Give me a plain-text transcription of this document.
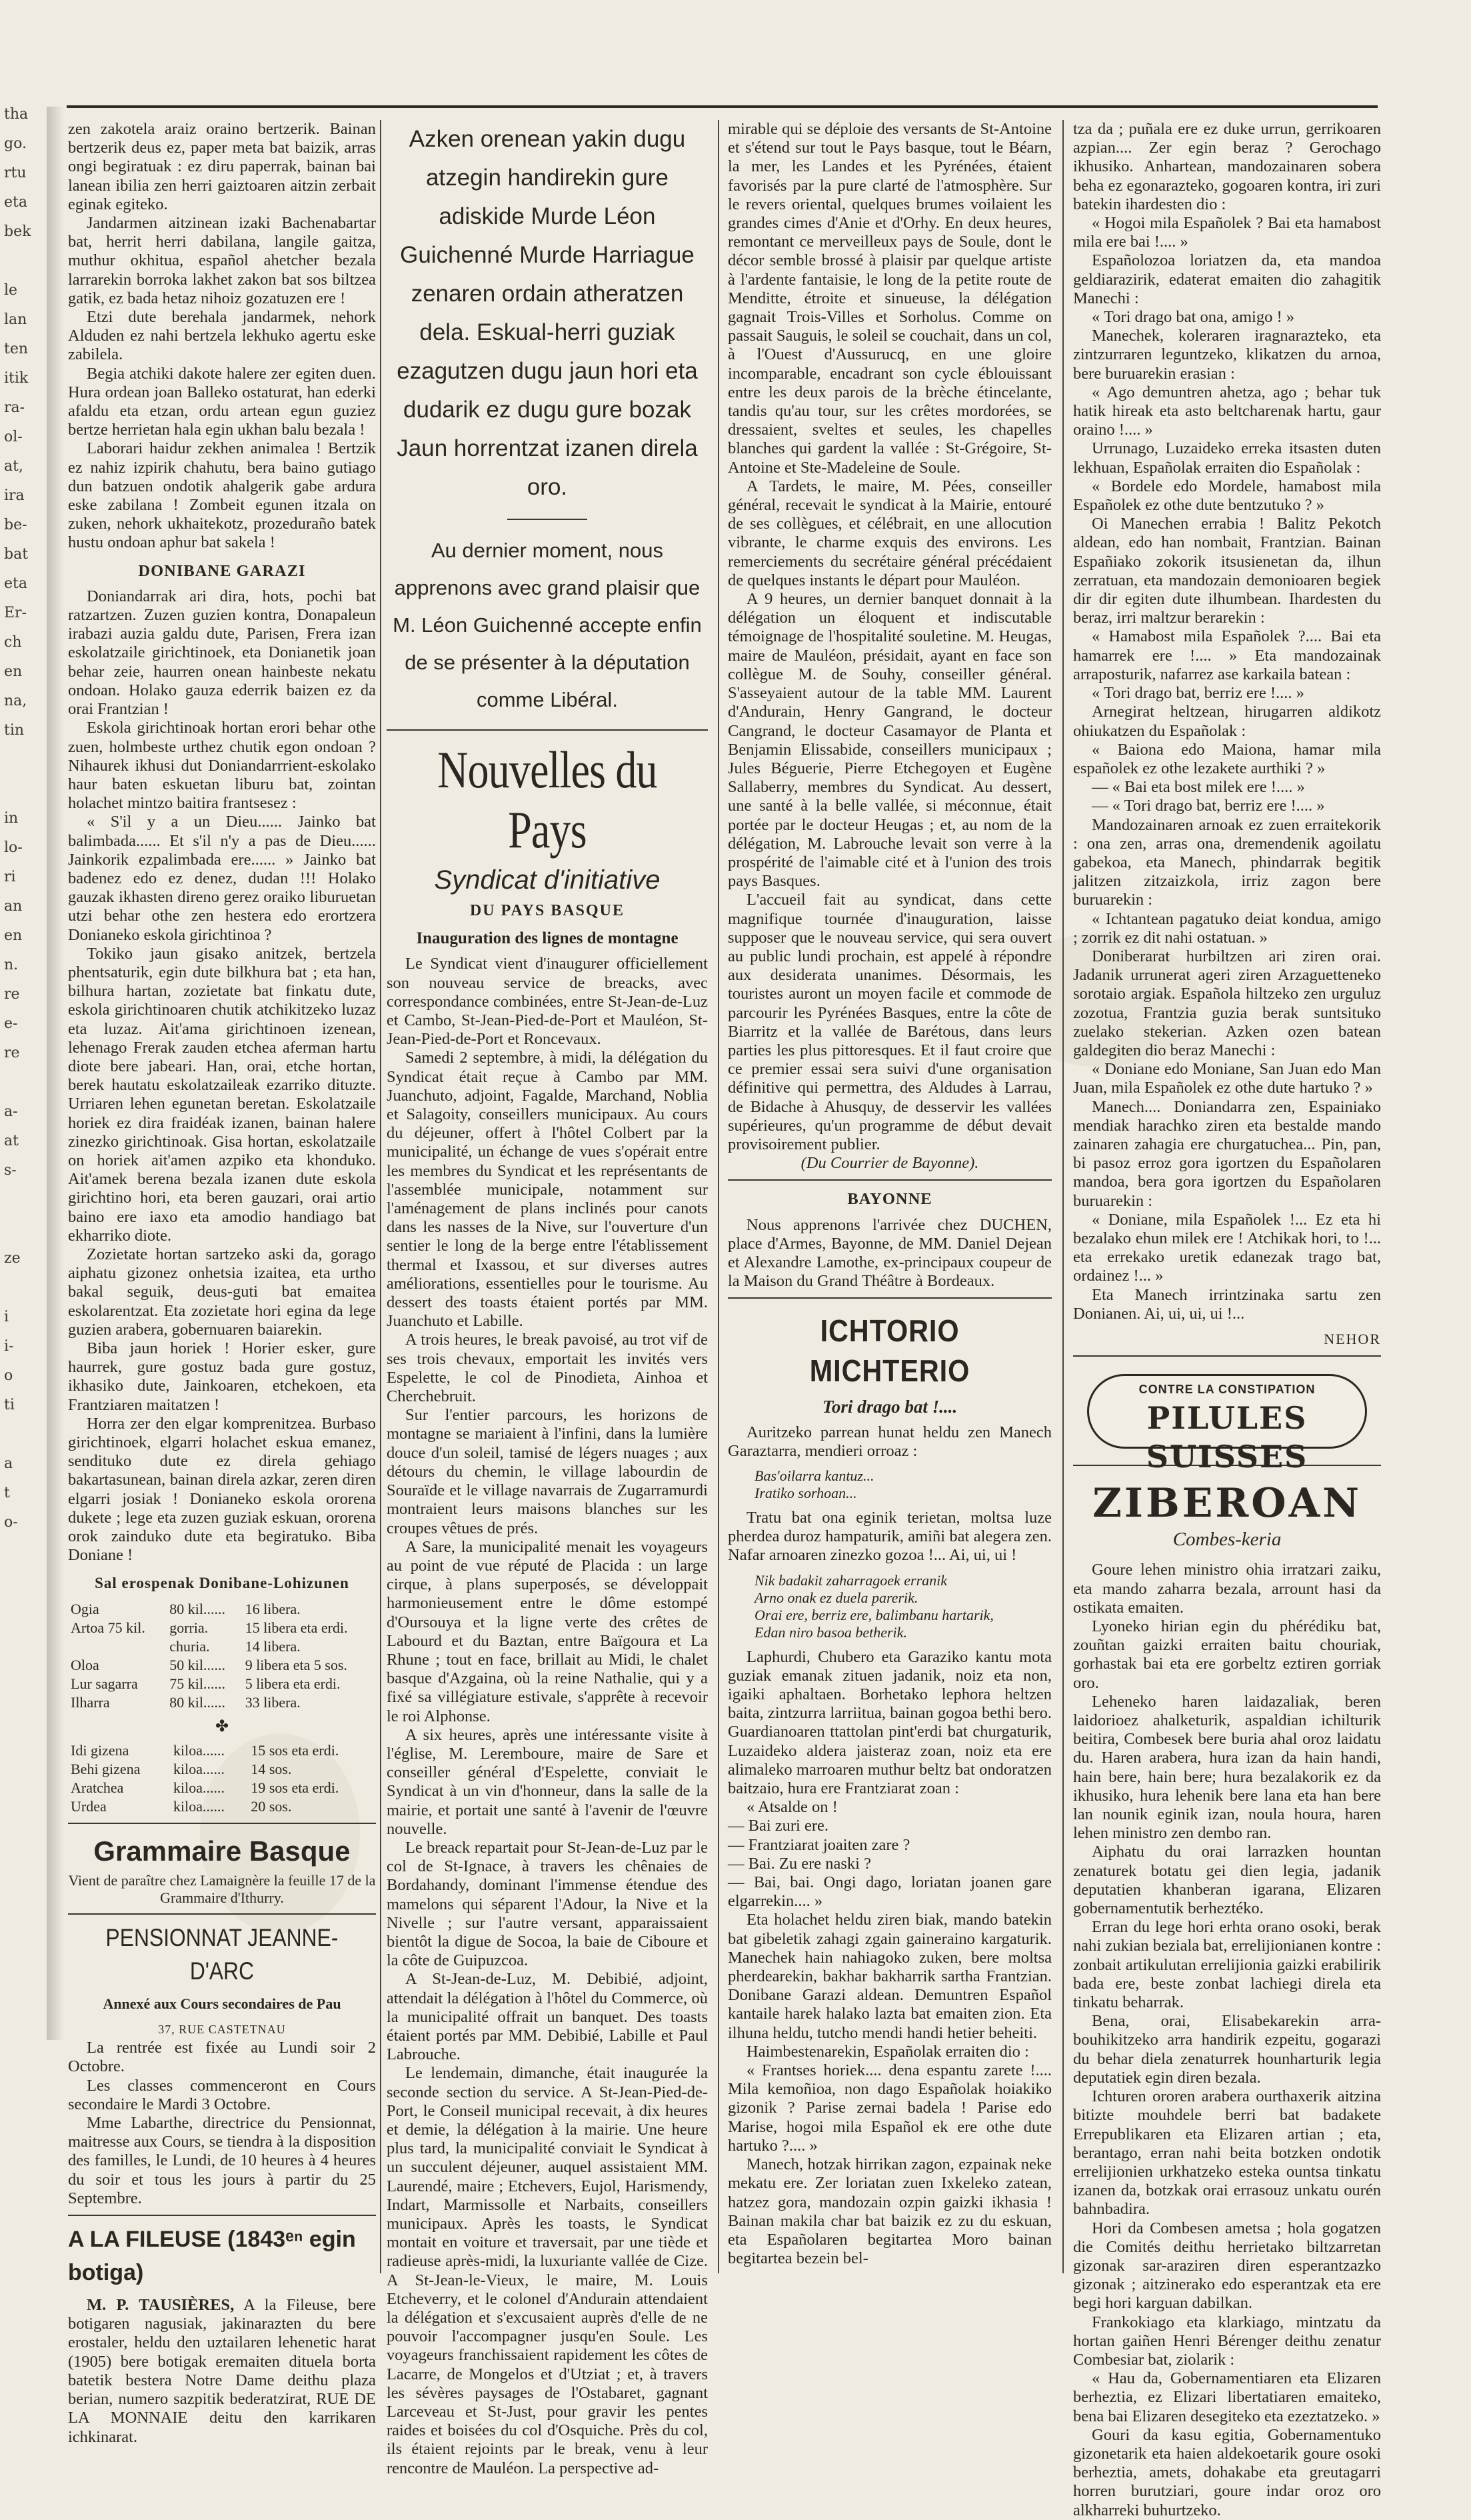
tha
go.
rtu
eta
bek

le
lan
ten
itik
ra-
ol-
at,
ira
be-
bat
eta
Er-
ch
en
na,
tin

in
lo-
ri
an
en
n.
re
e-
re

a-
at
s-

ze

i
i-
o
ti

a
t
o-

zen zakotela araiz oraino bertzerik. Bainan bertzerik deus ez, paper meta bat baizik, arras ongi begiratuak : ez diru paperrak, bainan bai lanean ibilia zen herri gaiztoaren aitzin zerbait eginak egiteko.

Jandarmen aitzinean izaki Bachenabartar bat, herrit herri dabilana, langile gaitza, muthur okhitua, español ahetcher bezala larrarekin borroka lakhet zakon bat sos biltzea gatik, ez bada hetaz nihoiz gozatuzen ere !

Etzi dute berehala jandarmek, nehork Alduden ez nahi bertzela lekhuko agertu eske zabilela.

Begia atchiki dakote halere zer egiten duen. Hura ordean joan Balleko ostaturat, han ederki afaldu eta etzan, ordu artean egun guziez bertze herrietan hala egin ukhan balu bezala !

Laborari haidur zekhen animalea ! Bertzik ez nahiz izpirik chahutu, bera baino gutiago dun batzuen ondotik ahalgerik gabe ardura eske zabilana ! Zombeit egunen itzala on zuken, nehork ukhaitekotz, prozeduraño batek hustu ondoan aphur bat sakela !

DONIBANE GARAZI

Doniandarrak ari dira, hots, pochi bat ratzartzen. Zuzen guzien kontra, Donapaleun irabazi auzia galdu dute, Parisen, Frera izan eskolatzaile girichtinoek, eta Donianetik joan behar zeie, haurren onean hainbeste nekatu ondoan. Holako gauza ederrik baizen ez da orai Frantzian !

Eskola girichtinoak hortan erori behar othe zuen, holmbeste urthez chutik egon ondoan ? Nihaurek ikhusi dut Doniandarrrient-eskolako haur baten eskuetan liburu bat, zointan holachet mintzo baitira frantsesez :

« S'il y a un Dieu...... Jainko bat balimbada...... Et s'il n'y a pas de Dieu...... Jainkorik ezpalimbada ere...... » Jainko bat badenez edo ez denez, dudan !!! Holako gauzak ikhasten direno gerez oraiko liburuetan utzi behar othe zen hestera edo erortzera Donianeko eskola girichtinoa ?

Tokiko jaun gisako anitzek, bertzela phentsaturik, egin dute bilkhura bat ; eta han, bilhura hartan, zozietate bat finkatu dute, eskola girichtinoaren chutik atchikitzeko luzaz eta luzaz. Ait'ama girichtinoen izenean, lehenago Frerak zauden etchea aferman hartu diote bere jabeari. Han, orai, etche hortan, berek hautatu eskolatzaileak ezarriko dituzte. Urriaren lehen egunetan beretan. Eskolatzaile horiek ez dira fraidéak izanen, bainan halere zinezko girichtinoak. Gisa hortan, eskolatzaile on horiek ait'amen azpiko eta khonduko. Ait'amek berena bezala izanen dute eskola girichtino hori, eta beren gauzari, orai artio baino ere iaxo eta amodio handiago bat ekharriko diote.

Zozietate hortan sartzeko aski da, gorago aiphatu gizonez onhetsia izaitea, eta urtho bakal seguik, deus-guti bat emaitea eskolarentzat. Eta zozietate hori egina da lege guzien arabera, gobernuaren baiarekin.

Biba jaun horiek ! Horier esker, gure haurrek, gure gostuz bada gure gostuz, ikhasiko dute, Jainkoaren, etchekoen, eta Frantziaren maitatzen !

Horra zer den elgar komprenitzea. Burbaso girichtinoek, elgarri holachet eskua emanez, sendituko dute ez direla gehiago bakartasunean, bainan direla azkar, zeren diren elgarri josiak ! Donianeko eskola ororena dukete ; lege eta zuzen guziak eskuan, ororena orok zainduko dute eta begiratuko. Biba Doniane !

Sal erospenak Donibane-Lohizunen
Ogia	80 kil......	16 libera.
Artoa 75 kil.	gorria.	15 libera eta erdi.
	churia.	14 libera.
Oloa	50 kil......	9 libera eta 5 sos.
Lur sagarra	75 kil......	5 libera eta erdi.
Ilharra	80 kil......	33 libera.
✤
Idi gizena	kiloa......	15 sos eta erdi.
Behi gizena	kiloa......	14 sos.
Aratchea	kiloa......	19 sos eta erdi.
Urdea	kiloa......	20 sos.
Grammaire Basque

Vient de paraître chez Lamaignère la feuille 17 de la Grammaire d'Ithurry.

PENSIONNAT JEANNE-D'ARC
Annexé aux Cours secondaires de Pau
37, RUE CASTETNAU

La rentrée est fixée au Lundi soir 2 Octobre.

Les classes commenceront en Cours secondaire le Mardi 3 Octobre.

Mme Labarthe, directrice du Pensionnat, maitresse aux Cours, se tiendra à la disposition des familles, le Lundi, de 10 heures à 4 heures du soir et tous les jours à partir du 25 Septembre.

A LA FILEUSE (1843ᵉⁿ egin botiga)

M. P. TAUSIÈRES, A la Fileuse, bere botigaren nagusiak, jakinarazten du bere erostaler, heldu den uztailaren lehenetic harat (1905) bere botigak eremaiten dituela borta batetik bestera Notre Dame deithu plaza berian, numero sazpitik bederatzirat, RUE DE LA MONNAIE deitu den karrikaren ichkinarat.

Azken orenean yakin dugu atzegin handirekin gure adiskide Murde Léon Guichenné Murde Harriague zenaren ordain atheratzen dela. Eskual-herri guziak ezagutzen dugu jaun hori eta dudarik ez dugu gure bozak Jaun horrentzat izanen direla oro.
Au dernier moment, nous apprenons avec grand plaisir que M. Léon Guichenné accepte enfin de se présenter à la députation comme Libéral.
Nouvelles du Pays
Syndicat d'initiative
DU PAYS BASQUE
Inauguration des lignes de montagne

Le Syndicat vient d'inaugurer officiellement son nouveau service de breacks, avec correspondance combinées, entre St-Jean-de-Luz et Cambo, St-Jean-Pied-de-Port et Mauléon, St-Jean-Pied-de-Port et Roncevaux.

Samedi 2 septembre, à midi, la délégation du Syndicat était reçue à Cambo par MM. Juanchuto, adjoint, Fagalde, Marchand, Noblia et Salagoity, conseillers municipaux. Au cours du déjeuner, offert à l'hôtel Colbert par la municipalité, un échange de vues s'opérait entre les membres du Syndicat et les représentants de l'assemblée municipale, notamment sur l'aménagement de plans inclinés pour canots dans les nasses de la Nive, sur l'ouverture d'un sentier le long de la berge entre l'établissement thermal et Ixassou, et sur diverses autres améliorations, essentielles pour le tourisme. Au dessert des toasts étaient portés par MM. Juanchuto et Labille.

A trois heures, le break pavoisé, au trot vif de ses trois chevaux, emportait les invités vers Espelette, le col de Pinodieta, Ainhoa et Cherchebruit.

Sur l'entier parcours, les horizons de montagne se mariaient à l'infini, dans la lumière douce d'un soleil, tamisé de légers nuages ; aux détours du chemin, le village labourdin de Souraïde et le village navarrais de Zugarramurdi montraient leurs maisons blanches sur les croupes vêtues de prés.

A Sare, la municipalité menait les voyageurs au point de vue réputé de Placida : un large cirque, à plans superposés, se développait harmonieusement entre le dôme estompé d'Oursouya et la ligne verte des crêtes de Labourd et du Baztan, entre Baïgoura et La Rhune ; tout en face, brillait au Midi, le chalet basque d'Azgaina, où la reine Nathalie, qui y a fixé sa villégiature estivale, s'apprête à recevoir le roi Alphonse.

A six heures, après une intéressante visite à l'église, M. Leremboure, maire de Sare et conseiller général d'Espelette, conviait le Syndicat à un vin d'honneur, dans la salle de la mairie, et portait une santé à l'avenir de l'œuvre nouvelle.

Le breack repartait pour St-Jean-de-Luz par le col de St-Ignace, à travers les chênaies de Bordahandy, dominant l'immense étendue des mamelons qui séparent l'Adour, la Nive et la Nivelle ; sur l'autre versant, apparaissaient bientôt la digue de Socoa, la baie de Ciboure et la côte de Guipuzcoa.

A St-Jean-de-Luz, M. Debibié, adjoint, attendait la délégation à l'hôtel du Commerce, où la municipalité offrait un banquet. Des toasts étaient portés par MM. Debibié, Labille et Paul Labrouche.

Le lendemain, dimanche, était inaugurée la seconde section du service. A St-Jean-Pied-de-Port, le Conseil municipal recevait, à dix heures et demie, la délégation à la mairie. Une heure plus tard, la municipalité conviait le Syndicat à un succulent déjeuner, auquel assistaient MM. Laurendé, maire ; Etchevers, Eujol, Harismendy, Indart, Marmissolle et Narbaits, conseillers municipaux. Après les toasts, le Syndicat montait en voiture et traversait, par une tiède et radieuse après-midi, la luxuriante vallée de Cize. A St-Jean-le-Vieux, le maire, M. Louis Etcheverry, et le colonel d'Andurain attendaient la délégation et s'excusaient auprès d'elle de ne pouvoir l'accompagner jusqu'en Soule. Les voyageurs franchissaient rapidement les côtes de Lacarre, de Mongelos et d'Utziat ; et, à travers les sévères paysages de l'Ostabaret, gagnant Larceveau et St-Just, pour gravir les pentes raides et boisées du col d'Osquiche. Près du col, ils étaient rejoints par le break, venu à leur rencontre de Mauléon. La perspective ad-

mirable qui se déploie des versants de St-Antoine et s'étend sur tout le Pays basque, tout le Béarn, la mer, les Landes et les Pyrénées, étaient favorisés par la pure clarté de l'atmosphère. Sur le revers oriental, quelques brumes voilaient les grandes cimes d'Anie et d'Orhy. En deux heures, remontant ce merveilleux pays de Soule, dont le décor semble brossé à plaisir par quelque artiste à l'ardente fantaisie, le long de la petite route de Menditte, étroite et sinueuse, la délégation gagnait Trois-Villes et Sorholus. Comme on passait Sauguis, le soleil se couchait, dans un col, à l'Ouest d'Aussurucq, en une gloire incomparable, encadrant son cycle éblouissant entre les deux parois de la brèche étincelante, tandis qu'au tour, sur les crêtes mordorées, se dressaient, sveltes et seules, les chapelles blanches qui gardent la vallée : St-Grégoire, St-Antoine et Ste-Madeleine de Soule.

A Tardets, le maire, M. Pées, conseiller général, recevait le syndicat à la Mairie, entouré de ses collègues, et célébrait, en une allocution vibrante, le charme exquis des environs. Les remerciements du secrétaire général précédaient de quelques instants le départ pour Mauléon.

A 9 heures, un dernier banquet donnait à la délégation un éloquent et indiscutable témoignage de l'hospitalité souletine. M. Heugas, maire de Mauléon, présidait, ayant en face son collègue M. de Souhy, conseiller général. S'asseyaient autour de la table MM. Laurent d'Andurain, Henry Gangrand, le docteur Cangrand, le docteur Casamayor de Planta et Benjamin Elissabide, conseillers municipaux ; Jules Béguerie, Pierre Etchegoyen et Eugène Sallaberry, membres du Syndicat. Au dessert, une santé à la belle vallée, si méconnue, était portée par le docteur Heugas ; et, au nom de la délégation, M. Labrouche levait son verre à la prospérité de l'aimable cité et à l'union des trois pays Basques.

L'accueil fait au syndicat, dans cette magnifique tournée d'inauguration, laisse supposer que le nouveau service, qui sera ouvert au public lundi prochain, est appelé à répondre aux desiderata unanimes. Désormais, les touristes auront un moyen facile et commode de parcourir les Pyrénées Basques, entre la côte de Biarritz et la vallée de Barétous, dans leurs parties les plus pittoresques. Et il faut croire que ce premier essai sera suivi d'une organisation définitive qui permettra, des Aldudes à Larrau, de Bidache à Ahusquy, de desservir les vallées supérieures, qu'un programme de début devait provisoirement publier.

(Du Courrier de Bayonne).

BAYONNE

Nous apprenons l'arrivée chez DUCHEN, place d'Armes, Bayonne, de MM. Daniel Dejean et Alexandre Lamothe, ex-principaux coupeur de la Maison du Grand Théâtre à Bordeaux.

ICHTORIO MICHTERIO
Tori drago bat !....

Auritzeko parrean hunat heldu zen Manech Garaztarra, mendieri orroaz :

Bas'oilarra kantuz...
Iratiko sorhoan...

Tratu bat ona eginik terietan, moltsa luze pherdea duroz hampaturik, amiñi bat alegera zen. Nafar arnoaren zinezko gozoa !... Ai, ui, ui !

Nik badakit zaharragoek erranik
Arno onak ez duela parerik.
Orai ere, berriz ere, balimbanu hartarik,
Edan niro basoa betherik.

Laphurdi, Chubero eta Garaziko kantu mota guziak emanak zituen jadanik, noiz eta non, igaiki aphaltaen. Borhetako lephora heltzen baita, zintzurra larriitua, bainan gogoa bethi bero. Guardianoaren ttattolan pint'erdi bat churgaturik, Luzaideko aldera jaisteraz zoan, noiz eta ere alimaleko marroaren muthur beltz bat ondoratzen baitzaio, hura ere Frantziarat zoan :

« Atsalde on !
— Bai zuri ere.
— Frantziarat joaiten zare ?
— Bai. Zu ere naski ?
— Bai, bai. Ongi dago, loriatan joanen gare elgarrekin.... »

Eta holachet heldu ziren biak, mando batekin bat gibeletik zahagi zgain gaineraino kargaturik. Manechek hain nahiagoko zuken, bere moltsa pherdearekin, bakhar bakharrik sartha Frantzian. Donibane Garazi aldean. Demuntren Español kantaile harek halako lazta bat emaiten zion. Eta ilhuna heldu, tutcho mendi handi hetier beheiti.

Haimbestenarekin, Españolak erraiten dio :

« Frantses horiek.... dena espantu zarete !.... Mila kemoñioa, non dago Españolak hoiakiko gizonik ? Parise zernai badela ! Parise edo Marise, hogoi mila Español ek ere othe dute hartuko ?.... »

Manech, hotzak hirrikan zagon, ezpainak neke mekatu ere. Zer loriatan zuen Ixkeleko zatean, hatzez gora, mandozain ozpin gaizki ikhasia ! Bainan makila char bat baizik ez zu du eskuan, eta Españolaren begitartea Moro bainan begitartea bezein bel-

tza da ; puñala ere ez duke urrun, gerrikoaren azpian.... Zer egin beraz ? Gerochago ikhusiko. Anhartean, mandozainaren sobera beha ez egonarazteko, gogoaren kontra, iri zuri batekin ihardesten dio :

« Hogoi mila Españolek ? Bai eta hamabost mila ere bai !.... »

Españolozoa loriatzen da, eta mandoa geldiarazirik, edaterat emaiten dio zahagitik Manechi :

« Tori drago bat ona, amigo ! »

Manechek, koleraren iragnarazteko, eta zintzurraren leguntzeko, klikatzen du arnoa, bere buruarekin erasian :

« Ago demuntren ahetza, ago ; behar tuk hatik hireak eta asto beltcharenak hartu, gaur oraino !.... »

Urrunago, Luzaideko erreka itsasten duten lekhuan, Españolak erraiten dio Españolak :

« Bordele edo Mordele, hamabost mila Españolek ez othe dute bentzutuko ? »

Oi Manechen errabia ! Balitz Pekotch aldean, edo han nombait, Frantzian. Bainan Españiako zokorik itsusienetan da, ilhun zerratuan, eta mandozain demonioaren begiek dir dir egiten dute ilhumbean. Ihardesten du beraz, irri maltzur berarekin :

« Hamabost mila Españolek ?.... Bai eta hamarrek ere !.... » Eta mandozainak arraposturik, nafarrez ase karkaila batean :

« Tori drago bat, berriz ere !.... »

Arnegirat heltzean, hirugarren aldikotz ohiukatzen du Españolak :

« Baiona edo Maiona, hamar mila españolek ez othe lezakete aurthiki ? »

— « Bai eta bost milek ere !.... »

— « Tori drago bat, berriz ere !.... »

Mandozainaren arnoak ez zuen erraitekorik : ona zen, arras ona, dremendenik agoilatu gabekoa, eta Manech, phindarrak begitik jalitzen zitzaizkola, irriz zagon bere buruarekin :

« Ichtantean pagatuko deiat kondua, amigo ; zorrik ez dit nahi ostatuan. »

Doniberarat hurbiltzen ari ziren orai. Jadanik urrunerat ageri ziren Arzaguetteneko sorotaio argiak. Española hiltzeko zen urguluz zozotua, Frantzia guzia berak suntsituko zuelako stekerian. Azken ozen batean galdegiten dio beraz Manechi :

« Doniane edo Moniane, San Juan edo Man Juan, mila Españolek ez othe dute hartuko ? »

Manech.... Doniandarra zen, Espainiako mendiak harachko ziren eta bestalde mando zainaren zahagia ere churgatuchea... Pin, pan, bi pasoz erroz gora igortzen du Españolaren mandoa, bera gora igortzen du Españolaren buruarekin :

« Doniane, mila Españolek !... Ez eta hi bezalako ehun milek ere ! Atchikak hori, to !... eta errekako uretik edanezak trago bat, ordainez !... »

Eta Manech irrintzinaka sartu zen Donianen. Ai, ui, ui, ui !...

NEHOR
CONTRE LA CONSTIPATION
PILULES SUISSES
ZIBEROAN
Combes-keria

Goure lehen ministro ohia irratzari zaiku, eta mando zaharra bezala, arrount hasi da ostikata emaiten.

Lyoneko hirian egin du phérédiku bat, zouñtan gaizki erraiten baitu chouriak, gorhastak bai eta ere gorbeltz eztiren gorriak oro.

Leheneko haren laidazaliak, beren laidorioez ahalketurik, aspaldian ichilturik beitira, Combesek bere buria ahal oroz laidatu du. Haren arabera, hura izan da hain handi, hain bere, hain bere; hura bezalakorik ez da ikhusiko, hura lehenik bere lana eta han bere lan nounik eginik izan, noula houra, haren lehen ministro zen dembo ran.

Aiphatu du orai larrazken hountan zenaturek botatu gei dien legia, jadanik deputatien khanberan igarana, Elizaren gobernamentutik berheztéko.

Erran du lege hori erhta orano osoki, berak nahi zukian beziala bat, errelijionianen kontre : zonbait artikulutan errelijionia gaizki erabilirik bada ere, beste zonbat lachiegi direla eta tinkatu beharrak.

Bena, orai, Elisabekarekin arra-bouhikitzeko arra handirik ezpeitu, gogarazi du behar diela zenaturrek hounharturik legia deputatiek egin diren bezala.

Ichturen ororen arabera ourthaxerik aitzina bitizte mouhdele berri bat badakete Errepublikaren eta Elizaren artian ; eta, berantago, erran nahi beita botzken ondotik errelijionien urkhatzeko esteka ountsa tinkatu izanen da, botzkak orai errasouz unkatu ourén bahnbadira.

Hori da Combesen ametsa ; hola gogatzen die Comités deithu herrietako biltzarretan gizonak sar-araziren diren esperantzazko gizonak ; aitzinerako edo esperantzak eta ere begi hori karguan dabilkan.

Frankokiago eta klarkiago, mintzatu da hortan gaiñen Henri Bérenger deithu zenatur Combesiar bat, ziolarik :

« Hau da, Gobernamentiaren eta Elizaren berheztia, ez Elizari libertatiaren emaiteko, bena bai Elizaren desegiteko eta ezeztatzeko. »

Gouri da kasu egitia, Gobernamentuko gizonetarik eta haien aldekoetarik goure osoki berheztia, amets, dohakabe eta greutagarri horren burutziari, goure indar oroz oro alkharreki buhurtzeko.
